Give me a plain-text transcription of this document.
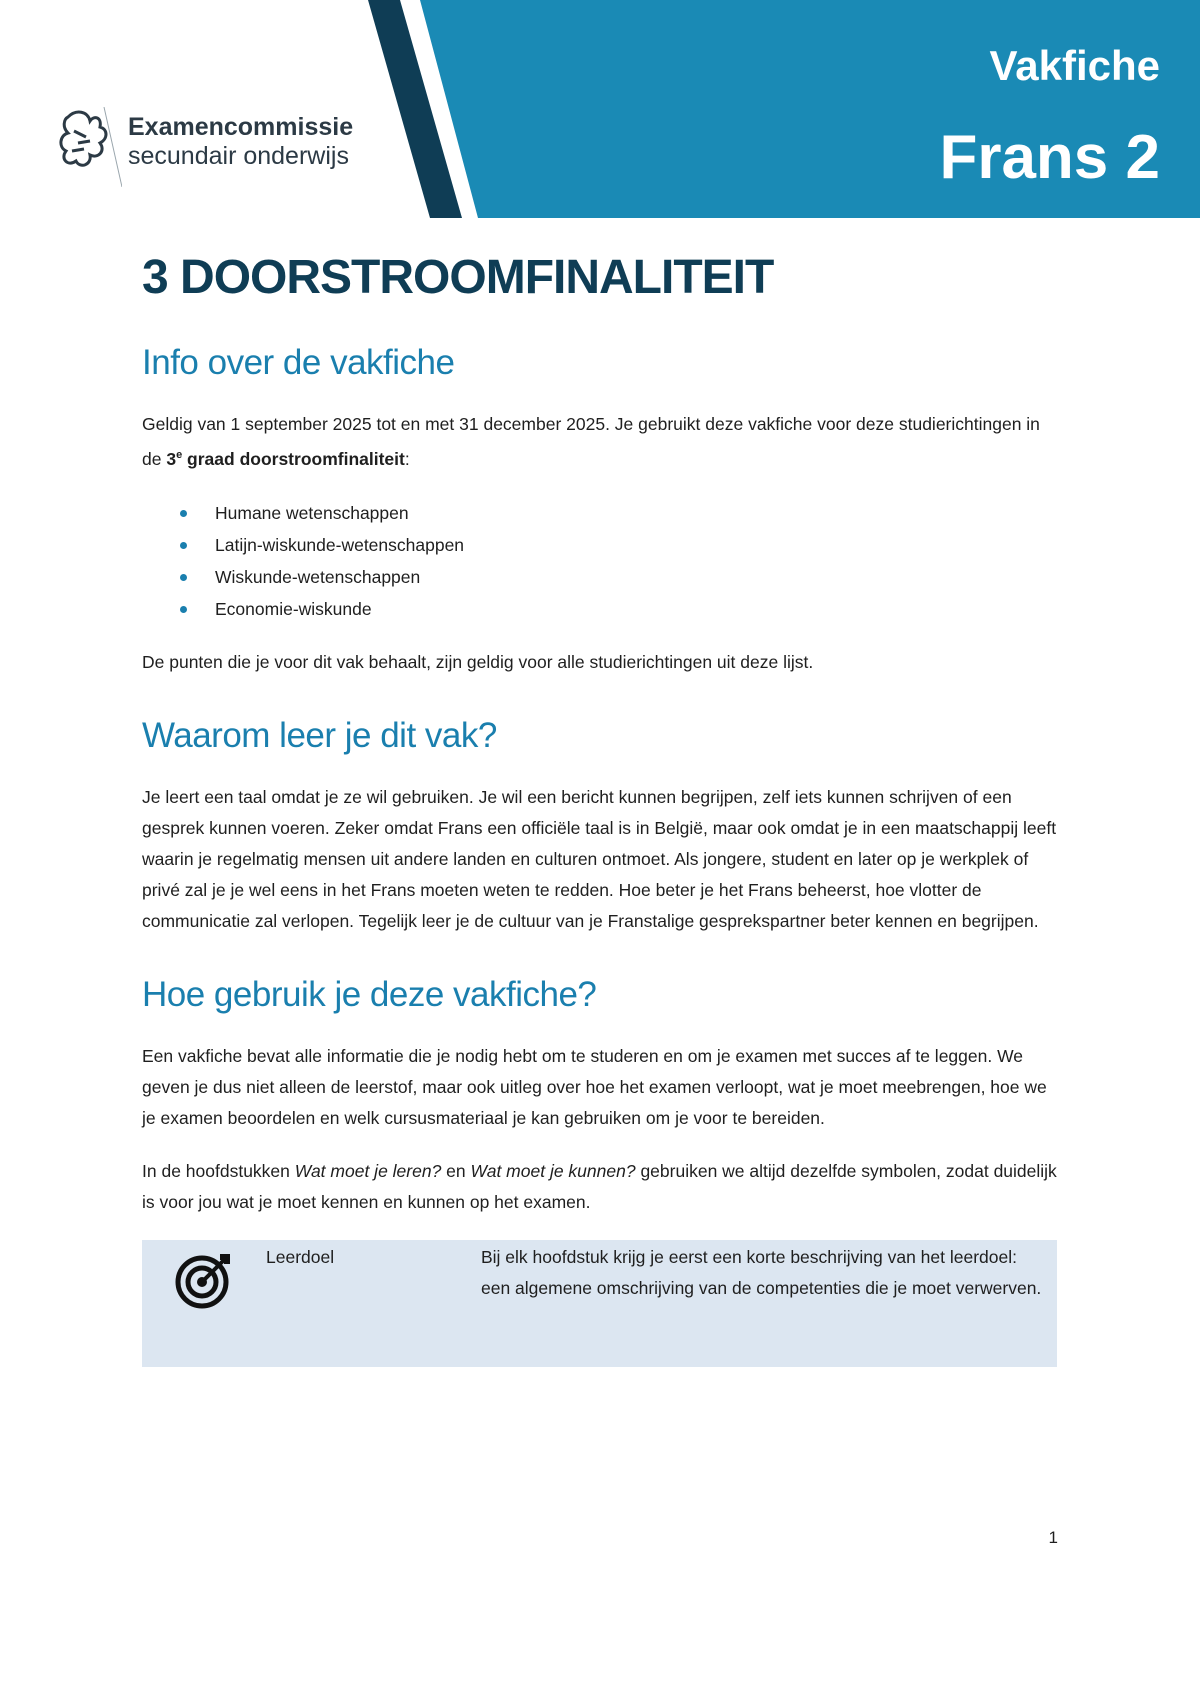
Examencommissie
secundair onderwijs
Vakfiche
Frans 2
3 DOORSTROOMFINALITEIT
Info over de vakfiche

Geldig van 1 september 2025 tot en met 31 december 2025. Je gebruikt deze vakfiche voor deze studierichtingen in de 3e graad doorstroomfinaliteit:

Humane wetenschappen
Latijn-wiskunde-wetenschappen
Wiskunde-wetenschappen
Economie-wiskunde

De punten die je voor dit vak behaalt, zijn geldig voor alle studierichtingen uit deze lijst.

Waarom leer je dit vak?

Je leert een taal omdat je ze wil gebruiken. Je wil een bericht kunnen begrijpen, zelf iets kunnen schrijven of een gesprek kunnen voeren. Zeker omdat Frans een officiële taal is in België, maar ook omdat je in een maatschappij leeft waarin je regelmatig mensen uit andere landen en culturen ontmoet. Als jongere, student en later op je werkplek of privé zal je je wel eens in het Frans moeten weten te redden. Hoe beter je het Frans beheerst, hoe vlotter de communicatie zal verlopen. Tegelijk leer je de cultuur van je Franstalige gesprekspartner beter kennen en begrijpen.

Hoe gebruik je deze vakfiche?

Een vakfiche bevat alle informatie die je nodig hebt om te studeren en om je examen met succes af te leggen. We geven je dus niet alleen de leerstof, maar ook uitleg over hoe het examen verloopt, wat je moet meebrengen, hoe we je examen beoordelen en welk cursusmateriaal je kan gebruiken om je voor te bereiden.

In de hoofdstukken Wat moet je leren? en Wat moet je kunnen? gebruiken we altijd dezelfde symbolen, zodat duidelijk is voor jou wat je moet kennen en kunnen op het examen.

Leerdoel	Bij elk hoofdstuk krijg je eerst een korte beschrijving van het leerdoel: een algemene omschrijving van de competenties die je moet verwerven.
1
